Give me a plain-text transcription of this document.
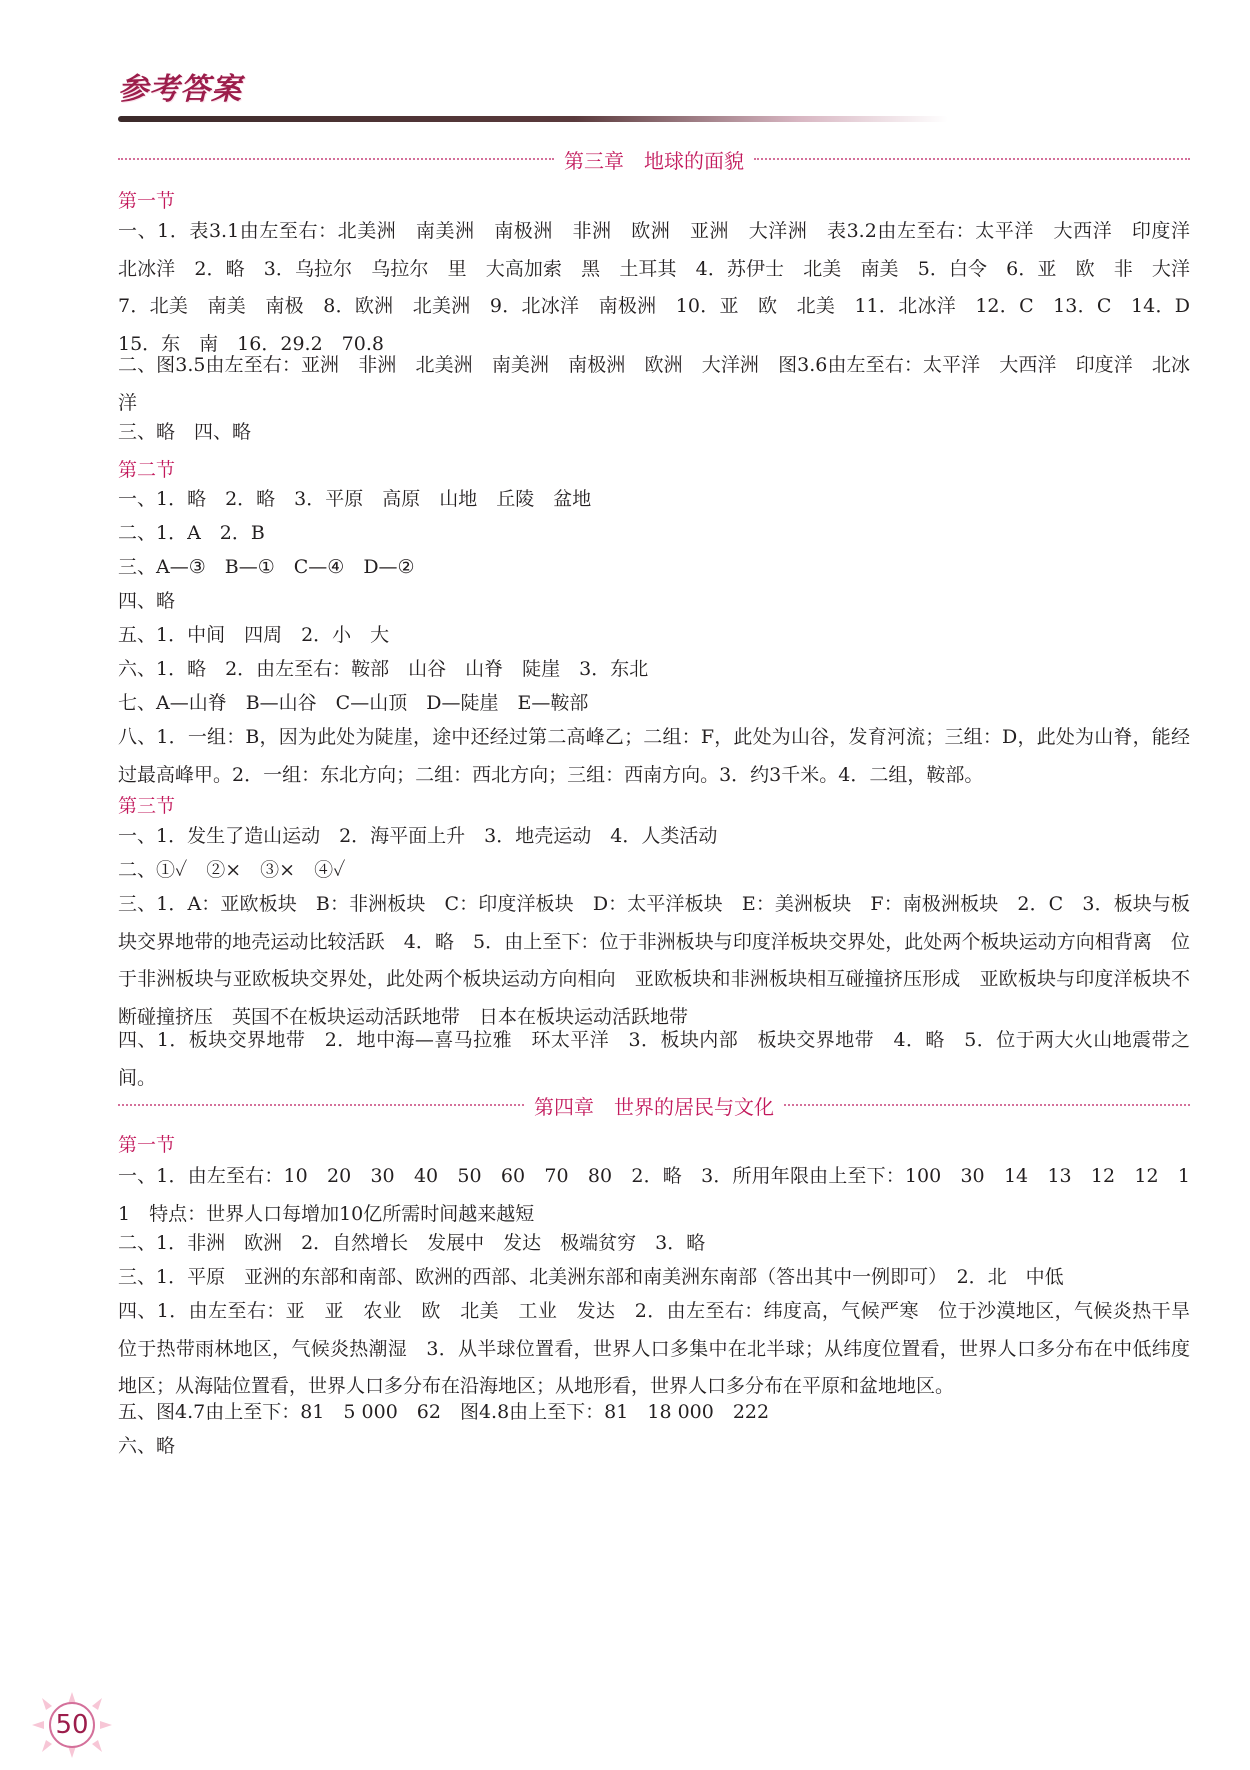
参考答案
第三章　地球的面貌
第一节
一、1．表3.1由左至右：北美洲　南美洲　南极洲　非洲　欧洲　亚洲　大洋洲　表3.2由左至右：太平洋　大西洋　印度洋　北冰洋　2．略　3．乌拉尔　乌拉尔　里　大高加索　黑　土耳其　4．苏伊士　北美　南美　5．白令　6．亚　欧　非　大洋　7．北美　南美　南极　8．欧洲　北美洲　9．北冰洋　南极洲　10．亚　欧　北美　11．北冰洋　12．C　13．C　14．D　15．东　南　16．29.2　70.8
二、图3.5由左至右：亚洲　非洲　北美洲　南美洲　南极洲　欧洲　大洋洲　图3.6由左至右：太平洋　大西洋　印度洋　北冰洋
三、略　四、略
第二节
一、1．略　2．略　3．平原　高原　山地　丘陵　盆地
二、1．A　2．B
三、A—③　B—①　C—④　D—②
四、略
五、1．中间　四周　2．小　大
六、1．略　2．由左至右：鞍部　山谷　山脊　陡崖　3．东北
七、A—山脊　B—山谷　C—山顶　D—陡崖　E—鞍部
八、1．一组：B，因为此处为陡崖，途中还经过第二高峰乙；二组：F，此处为山谷，发育河流；三组：D，此处为山脊，能经过最高峰甲。2．一组：东北方向；二组：西北方向；三组：西南方向。3．约3千米。4．二组，鞍部。
第三节
一、1．发生了造山运动　2．海平面上升　3．地壳运动　4．人类活动
二、①✓　②×　③×　④✓
三、1．A：亚欧板块　B：非洲板块　C：印度洋板块　D：太平洋板块　E：美洲板块　F：南极洲板块　2．C　3．板块与板块交界地带的地壳运动比较活跃　4．略　5．由上至下：位于非洲板块与印度洋板块交界处，此处两个板块运动方向相背离　位于非洲板块与亚欧板块交界处，此处两个板块运动方向相向　亚欧板块和非洲板块相互碰撞挤压形成　亚欧板块与印度洋板块不断碰撞挤压　英国不在板块运动活跃地带　日本在板块运动活跃地带
四、1．板块交界地带　2．地中海—喜马拉雅　环太平洋　3．板块内部　板块交界地带　4．略　5．位于两大火山地震带之间。
第四章　世界的居民与文化
第一节
一、1．由左至右：10　20　30　40　50　60　70　80　2．略　3．所用年限由上至下：100　30　14　13　12　12　11　特点：世界人口每增加10亿所需时间越来越短
二、1．非洲　欧洲　2．自然增长　发展中　发达　极端贫穷　3．略
三、1．平原　亚洲的东部和南部、欧洲的西部、北美洲东部和南美洲东南部（答出其中一例即可）　2．北　中低
四、1．由左至右：亚　亚　农业　欧　北美　工业　发达　2．由左至右：纬度高，气候严寒　位于沙漠地区，气候炎热干旱　位于热带雨林地区，气候炎热潮湿　3．从半球位置看，世界人口多集中在北半球；从纬度位置看，世界人口多分布在中低纬度地区；从海陆位置看，世界人口多分布在沿海地区；从地形看，世界人口多分布在平原和盆地地区。
五、图4.7由上至下：81　5 000　62　图4.8由上至下：81　18 000　222
六、略
50
